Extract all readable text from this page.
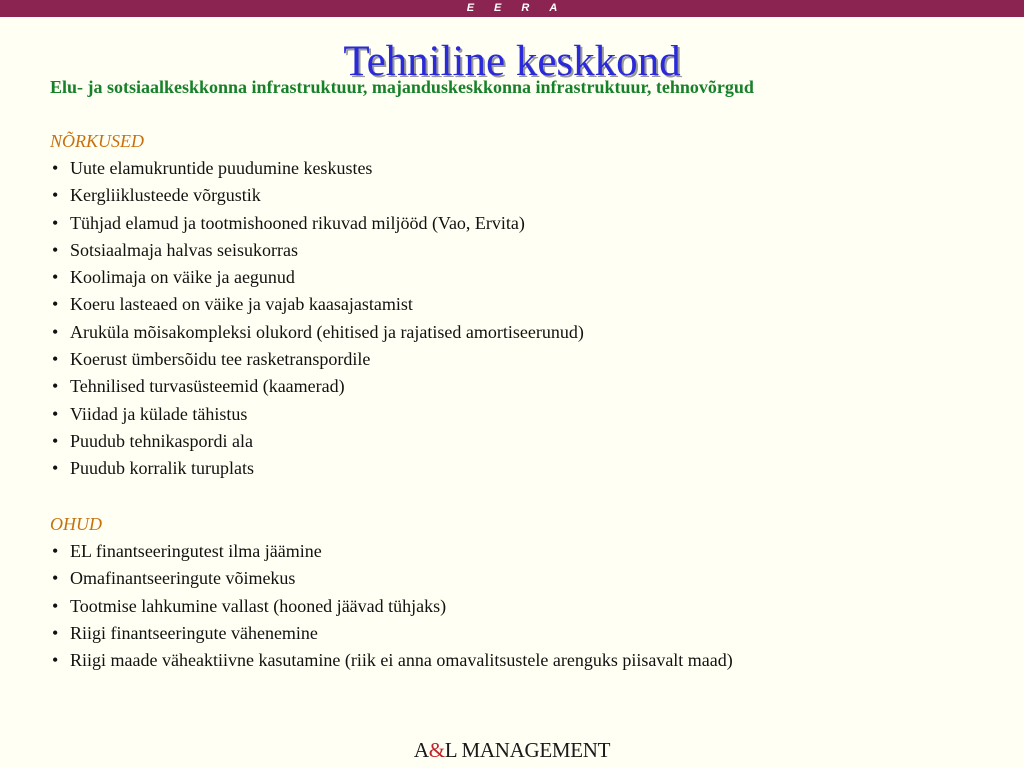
EERA
Tehniline keskkond
Elu- ja sotsiaalkeskkonna infrastruktuur, majanduskeskkonna infrastruktuur, tehnovõrgud
NÕRKUSED
• Uute elamukruntide puudumine keskustes
• Kergliiklusteede võrgustik
• Tühjad elamud ja tootmishooned rikuvad miljööd (Vao, Ervita)
• Sotsiaalmaja halvas seisukorras
• Koolimaja on väike ja aegunud
• Koeru lasteaed on väike ja vajab kaasajastamist
• Aruküla mõisakompleksi olukord (ehitised ja rajatised amortiseerunud)
• Koerust ümbersõidu tee rasketranspordile
• Tehnilised turvasüsteemid (kaamerad)
• Viidad ja külade tähistus
• Puudub tehnikaspordi ala
• Puudub korralik turuplats
OHUD
• EL finantseeringutest ilma jäämine
• Omafinantseeringute võimekus
• Tootmise lahkumine vallast (hooned jäävad tühjaks)
• Riigi finantseeringute vähenemine
• Riigi maade väheaktiivne kasutamine (riik ei anna omavalitsustele arenguks piisavalt maad)
A&L MANAGEMENT
